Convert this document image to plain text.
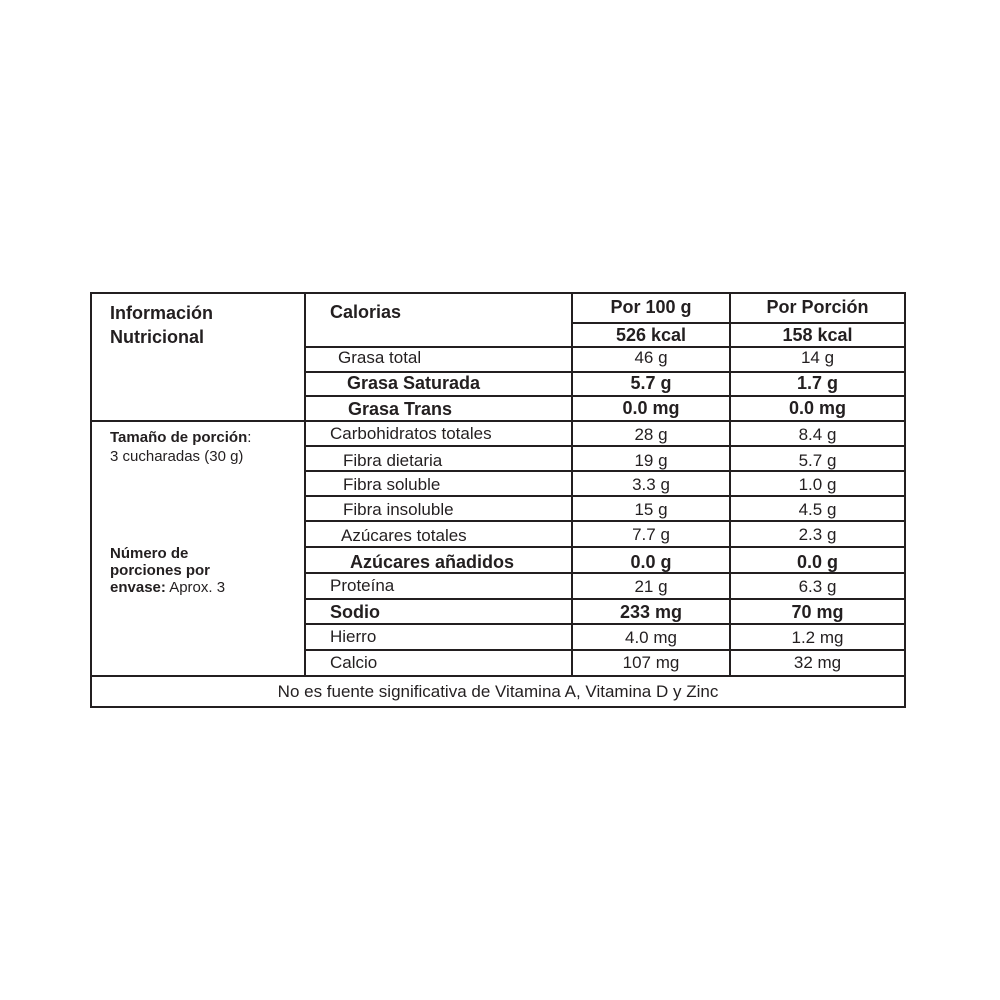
Información
Nutricional
Tamaño de porción:
3 cucharadas (30 g)
Número de
porciones por
envase: Aprox. 3
Calorias	Por 100 g	Por Porción
526 kcal	158 kcal
Grasa total	46 g	14 g
Grasa Saturada	5.7 g	1.7 g
Grasa Trans	0.0 mg	0.0 mg
Carbohidratos totales	28 g	8.4 g
Fibra dietaria	19 g	5.7 g
Fibra soluble	3.3 g	1.0 g
Fibra insoluble	15 g	4.5 g
Azúcares totales	7.7 g	2.3 g
Azúcares añadidos	0.0 g	0.0 g
Proteína	21 g	6.3 g
Sodio	233 mg	70 mg
Hierro	4.0 mg	1.2 mg
Calcio	107 mg	32 mg
No es fuente significativa de Vitamina A, Vitamina D y Zinc
